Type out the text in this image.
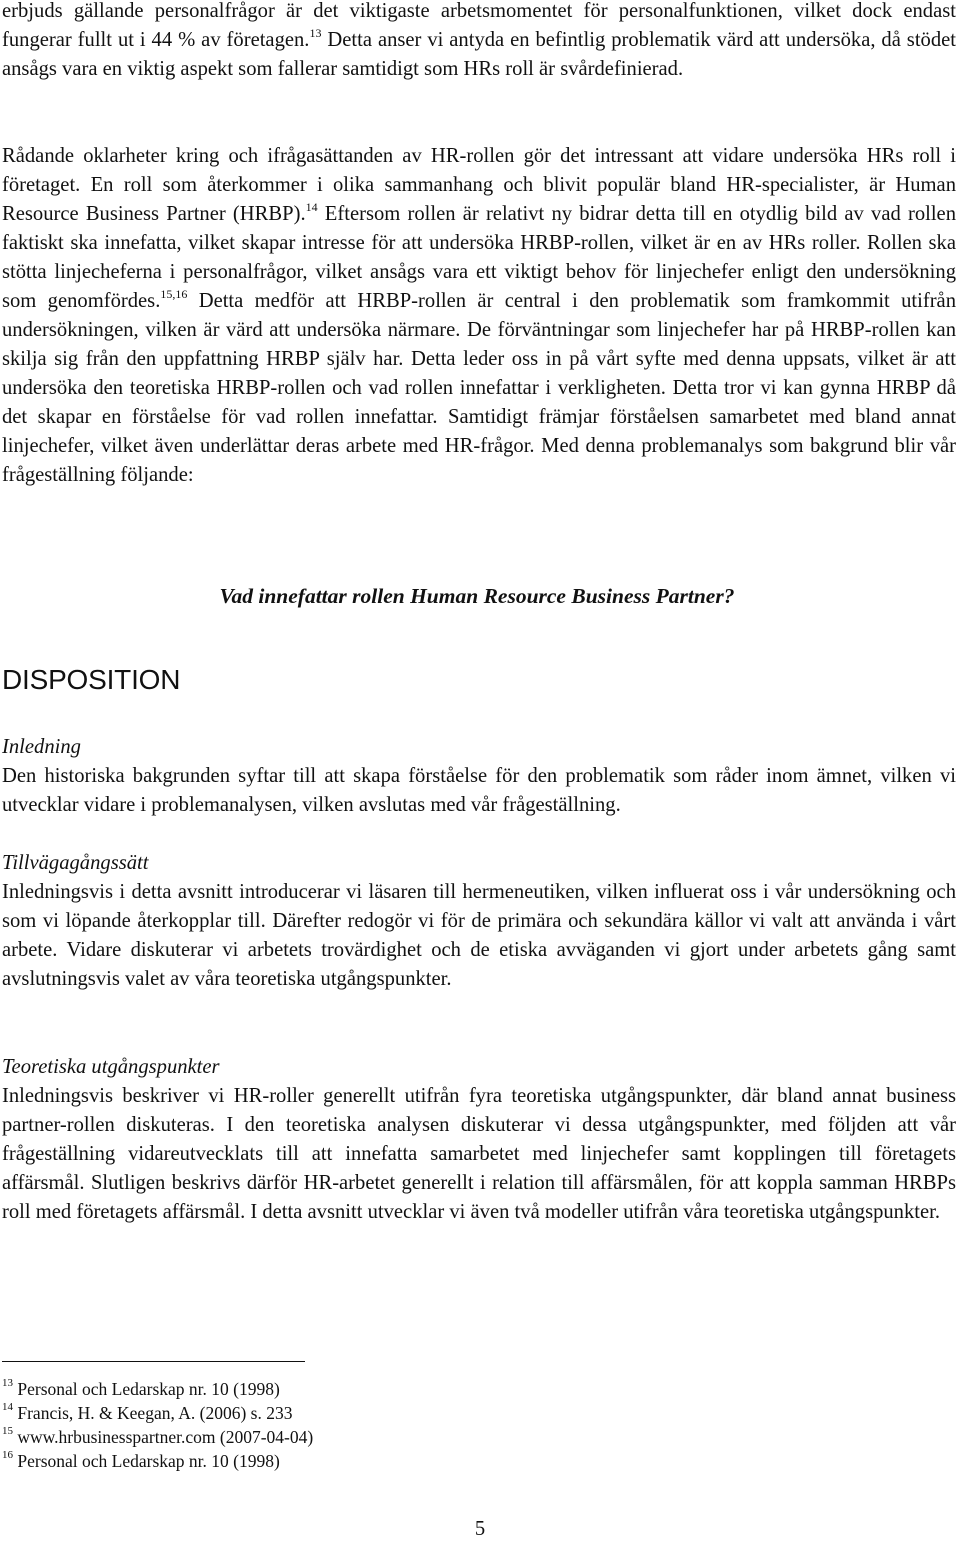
erbjuds gällande personalfrågor är det viktigaste arbetsmomentet för personalfunktionen, vilket dock endast fungerar fullt ut i 44 % av företagen.$^{13}$ Detta anser vi antyda en befintlig problematik värd att undersöka, då stödet ansågs vara en viktig aspekt som fallerar samtidigt som HRs roll är svårdefinierad.

Rådande oklarheter kring och ifrågasättanden av HR-rollen gör det intressant att vidare undersöka HRs roll i företaget. En roll som återkommer i olika sammanhang och blivit populär bland HR-specialister, är Human Resource Business Partner (HRBP).$^{14}$ Eftersom rollen är relativt ny bidrar detta till en otydlig bild av vad rollen faktiskt ska innefatta, vilket skapar intresse för att undersöka HRBP-rollen, vilket är en av HRs roller. Rollen ska stötta linjecheferna i personalfrågor, vilket ansågs vara ett viktigt behov för linjechefer enligt den undersökning som genomfördes.$^{15,16}$ Detta medför att HRBP-rollen är central i den problematik som framkommit utifrån undersökningen, vilken är värd att undersöka närmare. De förväntningar som linjechefer har på HRBP-rollen kan skilja sig från den uppfattning HRBP själv har. Detta leder oss in på vårt syfte med denna uppsats, vilket är att undersöka den teoretiska HRBP-rollen och vad rollen innefattar i verkligheten. Detta tror vi kan gynna HRBP då det skapar en förståelse för vad rollen innefattar. Samtidigt främjar förståelsen samarbetet med bland annat linjechefer, vilket även underlättar deras arbete med HR-frågor. Med denna problemanalys som bakgrund blir vår frågeställning följande:

Vad innefattar rollen Human Resource Business Partner?
DISPOSITION
Inledning

Den historiska bakgrunden syftar till att skapa förståelse för den problematik som råder inom ämnet, vilken vi utvecklar vidare i problemanalysen, vilken avslutas med vår frågeställning.

Tillvägagångssätt

Inledningsvis i detta avsnitt introducerar vi läsaren till hermeneutiken, vilken influerat oss i vår undersökning och som vi löpande återkopplar till. Därefter redogör vi för de primära och sekundära källor vi valt att använda i vårt arbete. Vidare diskuterar vi arbetets trovärdighet och de etiska avväganden vi gjort under arbetets gång samt avslutningsvis valet av våra teoretiska utgångspunkter.

Teoretiska utgångspunkter

Inledningsvis beskriver vi HR-roller generellt utifrån fyra teoretiska utgångspunkter, där bland annat business partner-rollen diskuteras. I den teoretiska analysen diskuterar vi dessa utgångspunkter, med följden att vår frågeställning vidareutvecklats till att innefatta samarbetet med linjechefer samt kopplingen till företagets affärsmål. Slutligen beskrivs därför HR-arbetet generellt i relation till affärsmålen, för att koppla samman HRBPs roll med företagets affärsmål. I detta avsnitt utvecklar vi även två modeller utifrån våra teoretiska utgångspunkter.

$^{13}$ Personal och Ledarskap nr. 10 (1998)
$^{14}$ Francis, H. & Keegan, A. (2006) s. 233
$^{15}$ www.hrbusinesspartner.com (2007-04-04)
$^{16}$ Personal och Ledarskap nr. 10 (1998)
5
